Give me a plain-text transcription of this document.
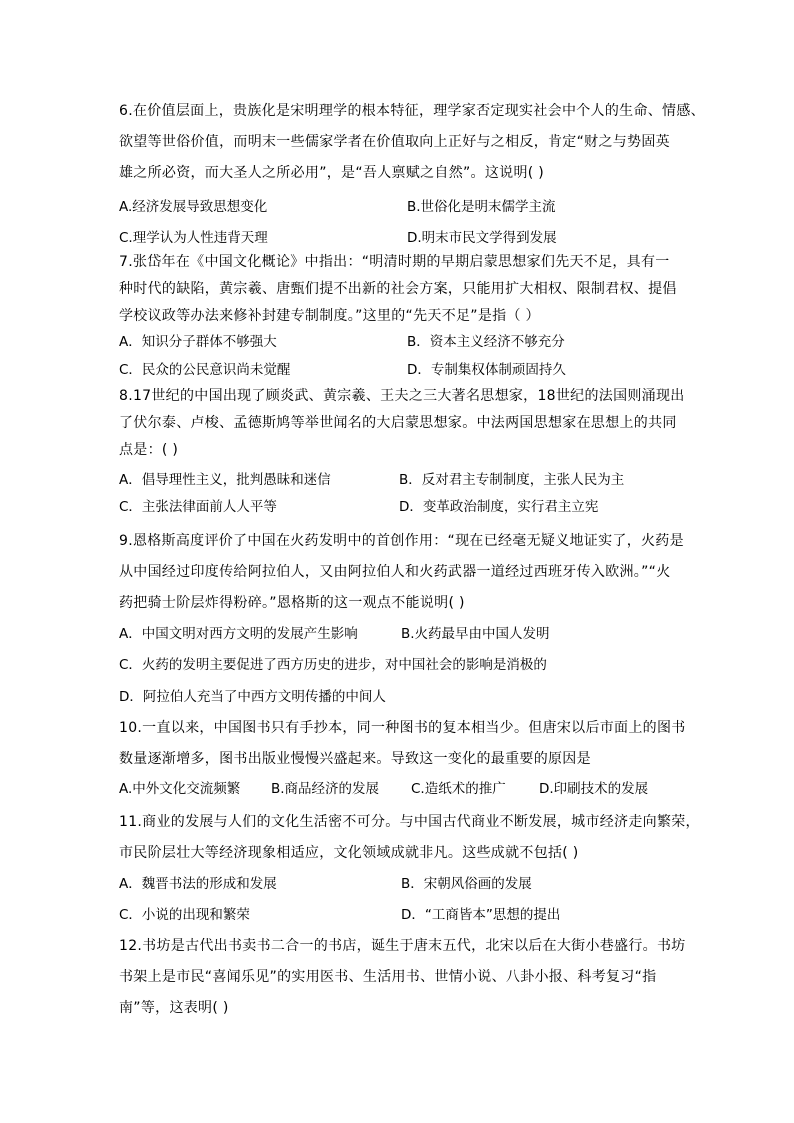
6.在价值层面上，贵族化是宋明理学的根本特征，理学家否定现实社会中个人的生命、情感、
欲望等世俗价值，而明末一些儒家学者在价值取向上正好与之相反，肯定“财之与势固英
雄之所必资，而大圣人之所必用”，是“吾人禀赋之自然”。这说明( )
A.经济发展导致思想变化	B.世俗化是明末儒学主流
C.理学认为人性违背天理	D.明末市民文学得到发展
7.张岱年在《中国文化概论》中指出：“明清时期的早期启蒙思想家们先天不足，具有一
种时代的缺陷，黄宗羲、唐甄们提不出新的社会方案，只能用扩大相权、限制君权、提倡
学校议政等办法来修补封建专制制度。”这里的“先天不足”是指（ ）
A．知识分子群体不够强大	B．资本主义经济不够充分
C．民众的公民意识尚未觉醒	D．专制集权体制顽固持久
8.17世纪的中国出现了顾炎武、黄宗羲、王夫之三大著名思想家，18世纪的法国则涌现出
了伏尔泰、卢梭、孟德斯鸠等举世闻名的大启蒙思想家。中法两国思想家在思想上的共同
点是：( )
A．倡导理性主义，批判愚昧和迷信	B．反对君主专制制度，主张人民为主
C．主张法律面前人人平等	D．变革政治制度，实行君主立宪
9.恩格斯高度评价了中国在火药发明中的首创作用：“现在已经毫无疑义地证实了，火药是
从中国经过印度传给阿拉伯人，又由阿拉伯人和火药武器一道经过西班牙传入欧洲。”“火
药把骑士阶层炸得粉碎。”恩格斯的这一观点不能说明( )
A．中国文明对西方文明的发展产生影响	B.火药最早由中国人发明
C．火药的发明主要促进了西方历史的进步，对中国社会的影响是消极的
D．阿拉伯人充当了中西方文明传播的中间人
10.一直以来，中国图书只有手抄本，同一种图书的复本相当少。但唐宋以后市面上的图书
数量逐渐增多，图书出版业慢慢兴盛起来。导致这一变化的最重要的原因是
A.中外文化交流频繁 B.商品经济的发展 C.造纸术的推广 D.印刷技术的发展
11.商业的发展与人们的文化生活密不可分。与中国古代商业不断发展，城市经济走向繁荣，
市民阶层壮大等经济现象相适应，文化领域成就非凡。这些成就不包括( )
A．魏晋书法的形成和发展	B．宋朝风俗画的发展
C．小说的出现和繁荣	D．“工商皆本”思想的提出
12.书坊是古代出书卖书二合一的书店，诞生于唐末五代，北宋以后在大街小巷盛行。书坊
书架上是市民“喜闻乐见”的实用医书、生活用书、世情小说、八卦小报、科考复习“指
南”等，这表明( )
